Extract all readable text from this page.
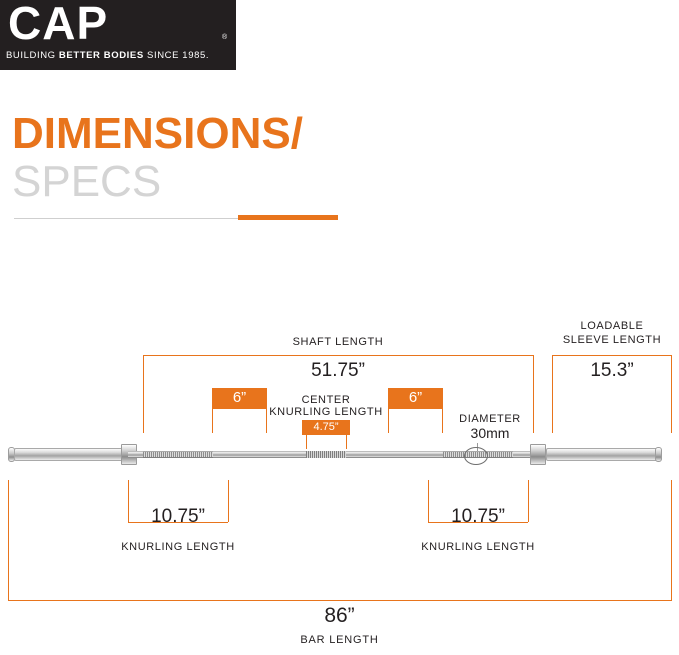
CAP	®
BUILDING BETTER BODIES SINCE 1985.
DIMENSIONS/
SPECS
SHAFT LENGTH
51.75”
LOADABLE
SLEEVE LENGTH
15.3”
6”	6”
CENTER
KNURLING LENGTH
4.75”
DIAMETER
30mm
10.75”
KNURLING LENGTH
10.75”
KNURLING LENGTH
86”
BAR LENGTH
